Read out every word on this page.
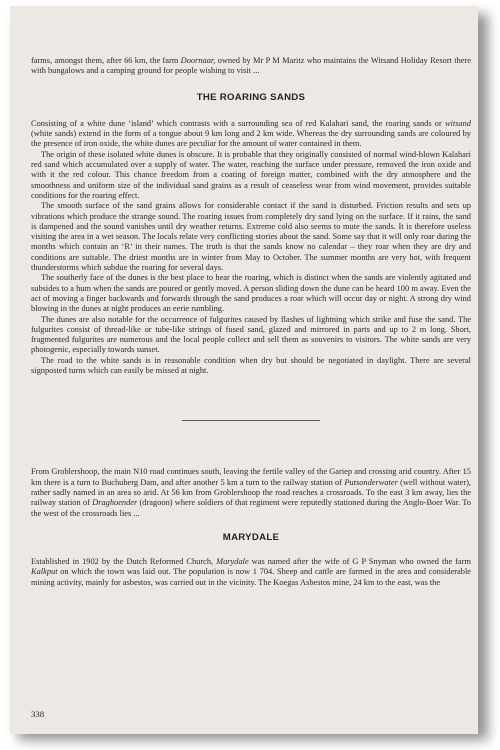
farms, amongst them, after 66 km, the farm Doornaar, owned by Mr P M Maritz who maintains the Witsand Holiday Resort there with bungalows and a camping ground for people wishing to visit ...

THE ROARING SANDS

Consisting of a white dune ‘island’ which contrasts with a surrounding sea of red Kalahari sand, the roaring sands or witsand (white sands) extend in the form of a tongue about 9 km long and 2 km wide. Whereas the dry surrounding sands are coloured by the presence of iron oxide, the white dunes are peculiar for the amount of water contained in them.

The origin of these isolated white dunes is obscure. It is probable that they originally consisted of normal wind-blown Kalahari red sand which accumulated over a supply of water. The water, reaching the surface under pressure, removed the iron oxide and with it the red colour. This chance freedom from a coating of foreign matter, combined with the dry atmosphere and the smoothness and uniform size of the individual sand grains as a result of ceaseless wear from wind movement, provides suitable conditions for the roaring effect.

The smooth surface of the sand grains allows for considerable contact if the sand is disturbed. Friction results and sets up vibrations which produce the strange sound. The roaring issues from completely dry sand lying on the surface. If it rains, the sand is dampened and the sound vanishes until dry weather returns. Extreme cold also seems to mute the sands. It is therefore useless visiting the area in a wet season. The locals relate very conflicting stories about the sand. Some say that it will only roar during the months which contain an ‘R’ in their names. The truth is that the sands know no calendar – they roar when they are dry and conditions are suitable. The driest months are in winter from May to October. The summer months are very hot, with frequent thunderstorms which subdue the roaring for several days.

The southerly face of the dunes is the best place to hear the roaring, which is distinct when the sands are violently agitated and subsides to a hum when the sands are poured or gently moved. A person sliding down the dune can be heard 100 m away. Even the act of moving a finger backwards and forwards through the sand produces a roar which will occur day or night. A strong dry wind blowing in the dunes at night produces an eerie rumbling.

The dunes are also notable for the occurrence of fulgurites caused by flashes of lightning which strike and fuse the sand. The fulgurites consist of thread-like or tube-like strings of fused sand, glazed and mirrored in parts and up to 2 m long. Short, fragmented fulgurites are numerous and the local people collect and sell them as souvenirs to visitors. The white sands are very photogenic, especially towards sunset.

The road to the white sands is in reasonable condition when dry but should be negotiated in daylight. There are several signposted turns which can easily be missed at night.

From Groblershoop, the main N10 road continues south, leaving the fertile valley of the Gariep and crossing arid country. After 15 km there is a turn to Buchuberg Dam, and after another 5 km a turn to the railway station of Putsonderwater (well without water), rather sadly named in an area so arid. At 56 km from Groblershoop the road reaches a crossroads. To the east 3 km away, lies the railway station of Draghoender (dragoon) where soldiers of that regiment were reputedly stationed during the Anglo-Boer War. To the west of the crossroads lies ...

MARYDALE

Established in 1902 by the Dutch Reformed Church, Marydale was named after the wife of G P Snyman who owned the farm Kalkput on which the town was laid out. The population is now 1 704. Sheep and cattle are farmed in the area and considerable mining activity, mainly for asbestos, was carried out in the vicinity. The Koegas Asbestos mine, 24 km to the east, was the

338
